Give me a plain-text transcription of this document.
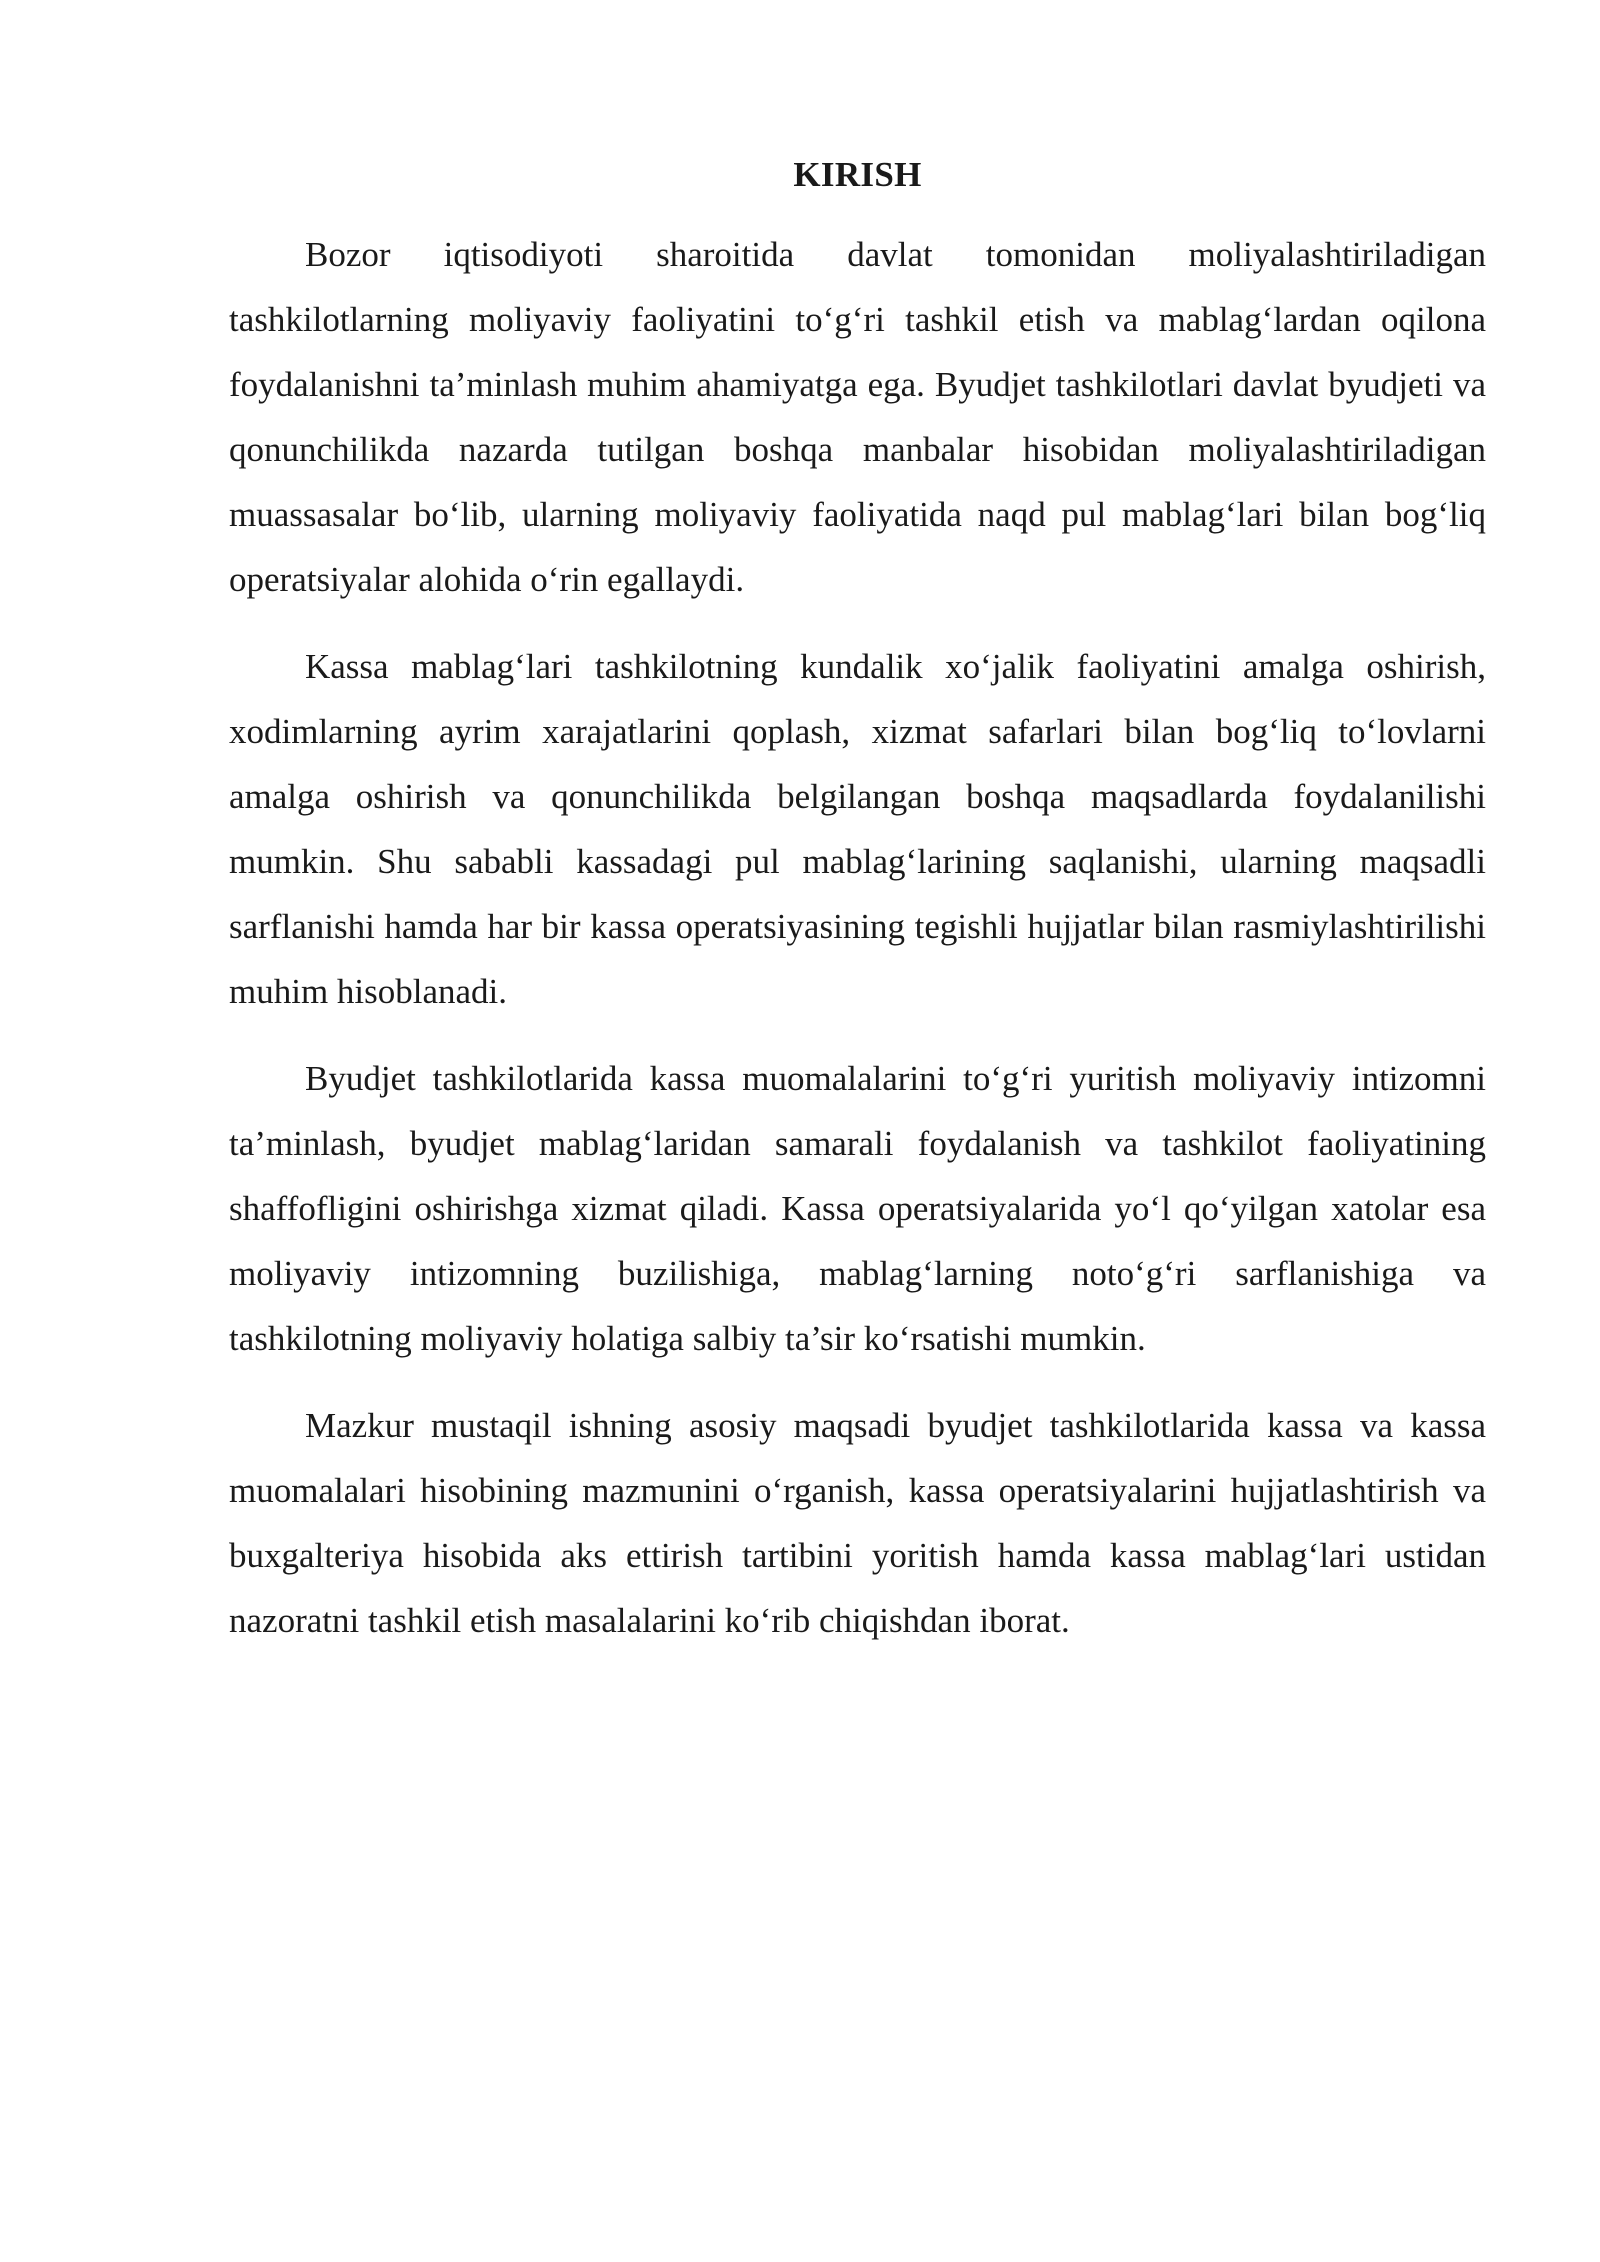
KIRISH

Bozor iqtisodiyoti sharoitida davlat tomonidan moliyalashtiriladigan tashkilotlarning moliyaviy faoliyatini to‘g‘ri tashkil etish va mablag‘lardan oqilona foydalanishni ta’minlash muhim ahamiyatga ega. Byudjet tashkilotlari davlat byudjeti va qonunchilikda nazarda tutilgan boshqa manbalar hisobidan moliyalashtiriladigan muassasalar bo‘lib, ularning moliyaviy faoliyatida naqd pul mablag‘lari bilan bog‘liq operatsiyalar alohida o‘rin egallaydi.

Kassa mablag‘lari tashkilotning kundalik xo‘jalik faoliyatini amalga oshirish, xodimlarning ayrim xarajatlarini qoplash, xizmat safarlari bilan bog‘liq to‘lovlarni amalga oshirish va qonunchilikda belgilangan boshqa maqsadlarda foydalanilishi mumkin. Shu sababli kassadagi pul mablag‘larining saqlanishi, ularning maqsadli sarflanishi hamda har bir kassa operatsiyasining tegishli hujjatlar bilan rasmiylashtirilishi muhim hisoblanadi.

Byudjet tashkilotlarida kassa muomalalarini to‘g‘ri yuritish moliyaviy intizomni ta’minlash, byudjet mablag‘laridan samarali foydalanish va tashkilot faoliyatining shaffofligini oshirishga xizmat qiladi. Kassa operatsiyalarida yo‘l qo‘yilgan xatolar esa moliyaviy intizomning buzilishiga, mablag‘larning noto‘g‘ri sarflanishiga va tashkilotning moliyaviy holatiga salbiy ta’sir ko‘rsatishi mumkin.

Mazkur mustaqil ishning asosiy maqsadi byudjet tashkilotlarida kassa va kassa muomalalari hisobining mazmunini o‘rganish, kassa operatsiyalarini hujjatlashtirish va buxgalteriya hisobida aks ettirish tartibini yoritish hamda kassa mablag‘lari ustidan nazoratni tashkil etish masalalarini ko‘rib chiqishdan iborat.
